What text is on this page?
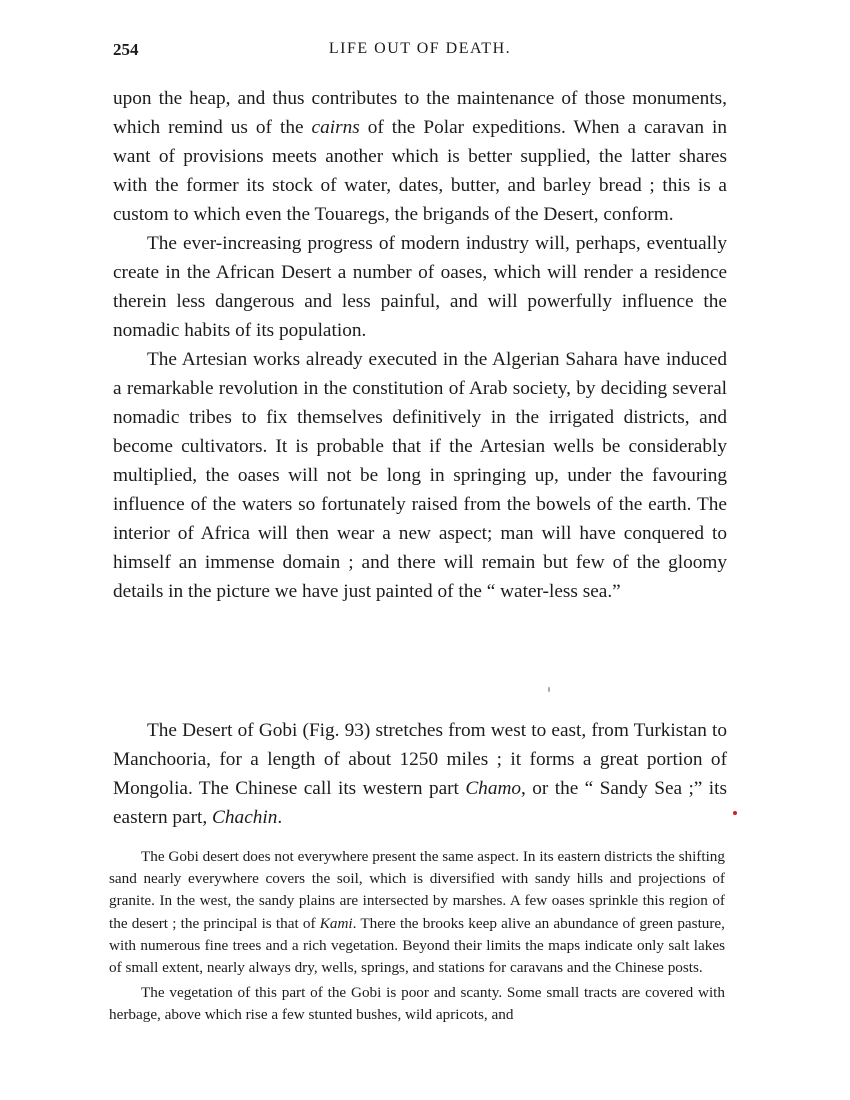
254	LIFE OUT OF DEATH.

upon the heap, and thus contributes to the maintenance of those monuments, which remind us of the cairns of the Polar expeditions. When a caravan in want of provisions meets another which is better supplied, the latter shares with the former its stock of water, dates, butter, and barley bread ; this is a custom to which even the Touaregs, the brigands of the Desert, conform.

The ever-increasing progress of modern industry will, perhaps, eventually create in the African Desert a number of oases, which will render a residence therein less dangerous and less painful, and will powerfully influence the nomadic habits of its population.

The Artesian works already executed in the Algerian Sahara have induced a remarkable revolution in the constitution of Arab society, by deciding several nomadic tribes to fix themselves definitively in the irrigated districts, and become cultivators. It is probable that if the Artesian wells be considerably multiplied, the oases will not be long in springing up, under the favouring influence of the waters so fortunately raised from the bowels of the earth. The interior of Africa will then wear a new aspect; man will have conquered to himself an immense domain ; and there will remain but few of the gloomy details in the picture we have just painted of the “ water-less sea.”

The Desert of Gobi (Fig. 93) stretches from west to east, from Turkistan to Manchooria, for a length of about 1250 miles ; it forms a great portion of Mongolia. The Chinese call its western part Chamo, or the “ Sandy Sea ;” its eastern part, Chachin.

The Gobi desert does not everywhere present the same aspect. In its eastern districts the shifting sand nearly everywhere covers the soil, which is diversified with sandy hills and projections of granite. In the west, the sandy plains are intersected by marshes. A few oases sprinkle this region of the desert ; the principal is that of Kami. There the brooks keep alive an abundance of green pasture, with numerous fine trees and a rich vegetation. Beyond their limits the maps indicate only salt lakes of small extent, nearly always dry, wells, springs, and stations for caravans and the Chinese posts.

The vegetation of this part of the Gobi is poor and scanty. Some small tracts are covered with herbage, above which rise a few stunted bushes, wild apricots, and
